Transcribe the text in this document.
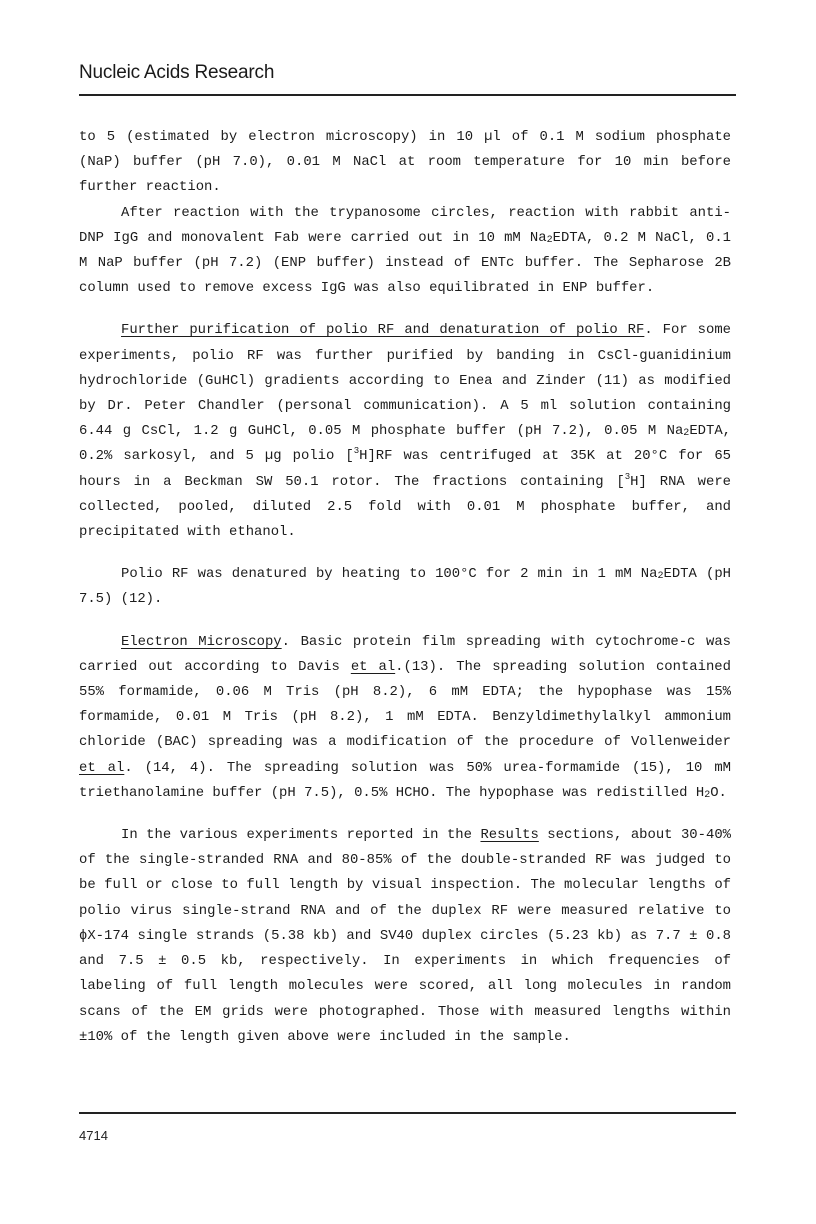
Nucleic Acids Research

to 5 (estimated by electron microscopy) in 10 µl of 0.1 M sodium phosphate (NaP) buffer (pH 7.0), 0.01 M NaCl at room temperature for 10 min before further reaction.

After reaction with the trypanosome circles, reaction with rabbit anti-DNP IgG and monovalent Fab were carried out in 10 mM $Na_2EDTA$, 0.2 M NaCl, 0.1 M NaP buffer (pH 7.2) (ENP buffer) instead of ENTc buffer. The Sepharose 2B column used to remove excess IgG was also equilibrated in ENP buffer.

Further purification of polio RF and denaturation of polio RF. For some experiments, polio RF was further purified by banding in CsCl-guanidinium hydrochloride (GuHCl) gradients according to Enea and Zinder (11) as modified by Dr. Peter Chandler (personal communication). A 5 ml solution containing 6.44 g CsCl, 1.2 g GuHCl, 0.05 M phosphate buffer (pH 7.2), 0.05 M $Na_2EDTA$, 0.2% sarkosyl, and 5 µg polio [$^3$H]RF was centrifuged at 35K at 20°C for 65 hours in a Beckman SW 50.1 rotor. The fractions containing [$^3$H] RNA were collected, pooled, diluted 2.5 fold with 0.01 M phosphate buffer, and precipitated with ethanol.

Polio RF was denatured by heating to 100°C for 2 min in 1 mM $Na_2EDTA$ (pH 7.5) (12).

Electron Microscopy. Basic protein film spreading with cytochrome-c was carried out according to Davis et al.(13). The spreading solution contained 55% formamide, 0.06 M Tris (pH 8.2), 6 mM EDTA; the hypophase was 15% formamide, 0.01 M Tris (pH 8.2), 1 mM EDTA. Benzyldimethylalkyl ammonium chloride (BAC) spreading was a modification of the procedure of Vollenweider et al. (14, 4). The spreading solution was 50% urea-formamide (15), 10 mM triethanolamine buffer (pH 7.5), 0.5% HCHO. The hypophase was redistilled $H_2O$.

In the various experiments reported in the Results sections, about 30-40% of the single-stranded RNA and 80-85% of the double-stranded RF was judged to be full or close to full length by visual inspection. The molecular lengths of polio virus single-strand RNA and of the duplex RF were measured relative to ϕX-174 single strands (5.38 kb) and SV40 duplex circles (5.23 kb) as 7.7 ± 0.8 and 7.5 ± 0.5 kb, respectively. In experiments in which frequencies of labeling of full length molecules were scored, all long molecules in random scans of the EM grids were photographed. Those with measured lengths within ±10% of the length given above were included in the sample.

4714
